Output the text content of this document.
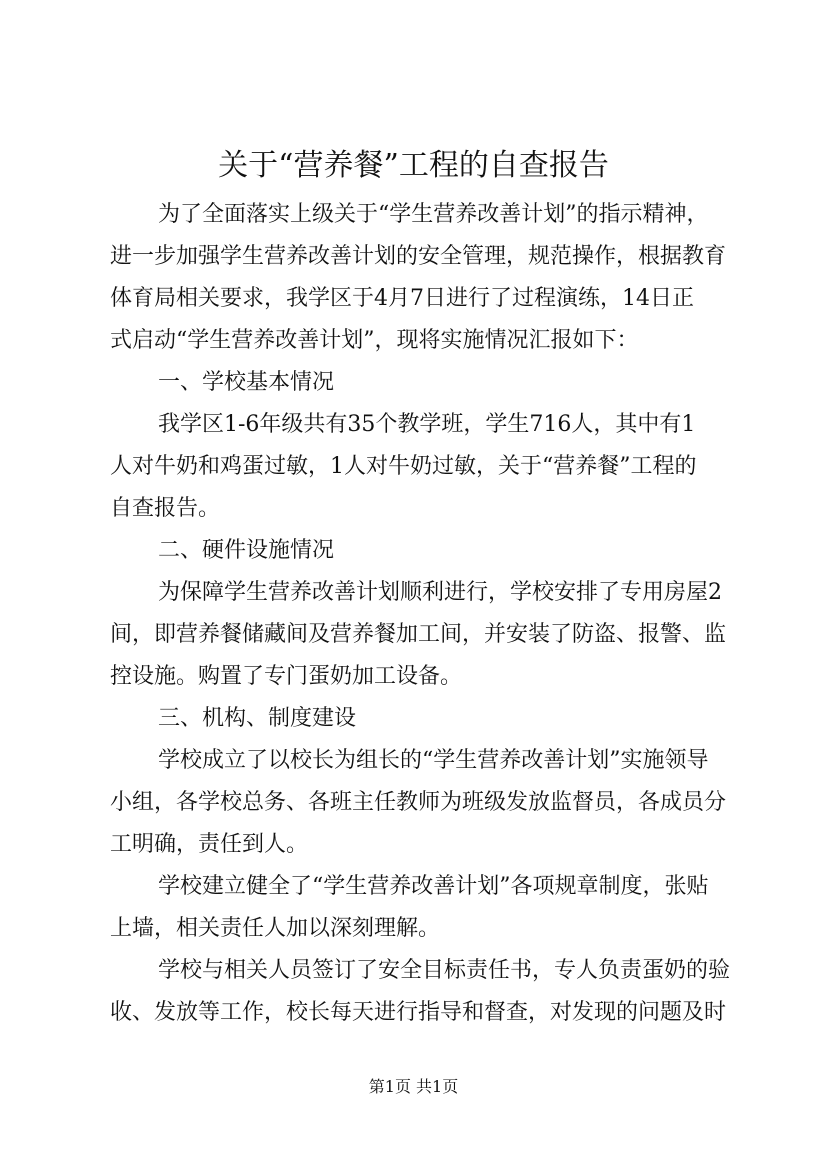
关于“营养餐”工程的自查报告
为了全面落实上级关于“学生营养改善计划”的指示精神，
进一步加强学生营养改善计划的安全管理，规范操作，根据教育
体育局相关要求，我学区于4月7日进行了过程演练，14日正
式启动“学生营养改善计划”，现将实施情况汇报如下：
一、学校基本情况
我学区1-6年级共有35个教学班，学生716人，其中有1
人对牛奶和鸡蛋过敏，1人对牛奶过敏，关于“营养餐”工程的
自查报告。
二、硬件设施情况
为保障学生营养改善计划顺利进行，学校安排了专用房屋2
间，即营养餐储藏间及营养餐加工间，并安装了防盗、报警、监
控设施。购置了专门蛋奶加工设备。
三、机构、制度建设
学校成立了以校长为组长的“学生营养改善计划”实施领导
小组，各学校总务、各班主任教师为班级发放监督员，各成员分
工明确，责任到人。
学校建立健全了“学生营养改善计划”各项规章制度，张贴
上墙，相关责任人加以深刻理解。
学校与相关人员签订了安全目标责任书，专人负责蛋奶的验
收、发放等工作，校长每天进行指导和督查，对发现的问题及时
第1页 共1页
